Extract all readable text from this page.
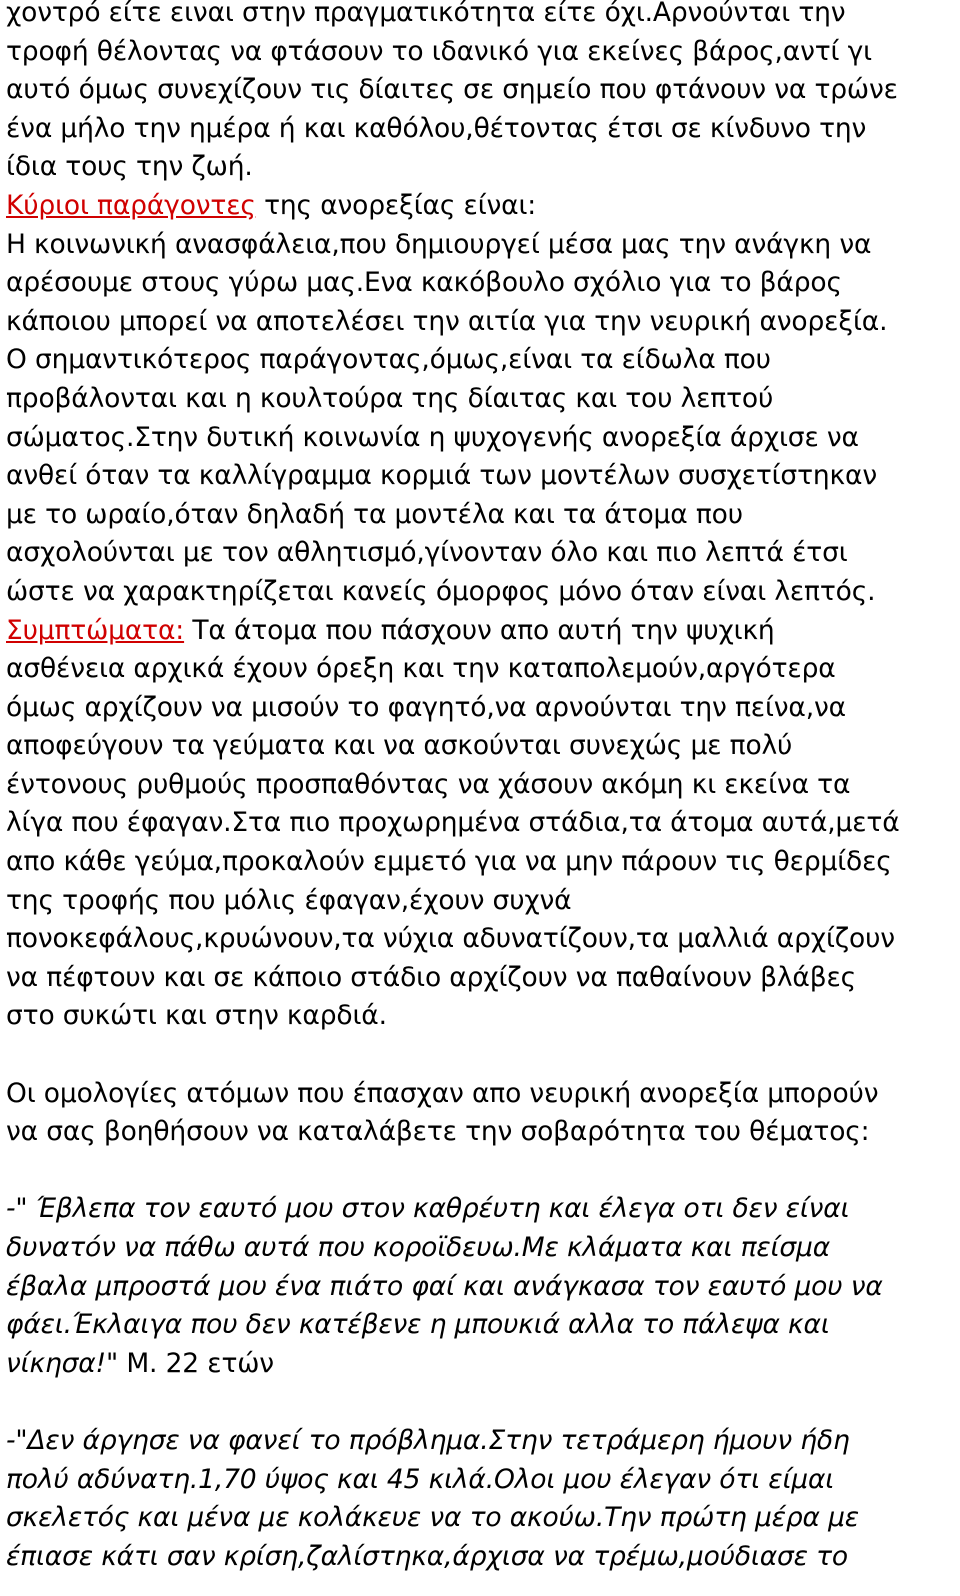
χοντρό είτε ειναι στην πραγματικότητα είτε όχι.Αρνούνται την
τροφή θέλοντας να φτάσουν το ιδανικό για εκείνες βάρος,αντί γι
αυτό όμως συνεχίζουν τις δίαιτες σε σημείο που φτάνουν να τρώνε
ένα μήλο την ημέρα ή και καθόλου,θέτοντας έτσι σε κίνδυνο την
ίδια τους την ζωή.

Κύριοι παράγοντες της ανορεξίας είναι:
Η κοινωνική ανασφάλεια,που δημιουργεί μέσα μας την ανάγκη να
αρέσουμε στους γύρω μας.Ενα κακόβουλο σχόλιο για το βάρος
κάποιου μπορεί να αποτελέσει την αιτία για την νευρική ανορεξία.
Ο σημαντικότερος παράγοντας,όμως,είναι τα είδωλα που
προβάλονται και η κουλτούρα της δίαιτας και του λεπτού
σώματος.Στην δυτική κοινωνία η ψυχογενής ανορεξία άρχισε να
ανθεί όταν τα καλλίγραμμα κορμιά των μοντέλων συσχετίστηκαν
με το ωραίο,όταν δηλαδή τα μοντέλα και τα άτομα που
ασχολούνται με τον αθλητισμό,γίνονταν όλο και πιο λεπτά έτσι
ώστε να χαρακτηρίζεται κανείς όμορφος μόνο όταν είναι λεπτός.

Συμπτώματα: Τα άτομα που πάσχουν απο αυτή την ψυχική
ασθένεια αρχικά έχουν όρεξη και την καταπολεμούν,αργότερα
όμως αρχίζουν να μισούν το φαγητό,να αρνούνται την πείνα,να
αποφεύγουν τα γεύματα και να ασκούνται συνεχώς με πολύ
έντονους ρυθμούς προσπαθόντας να χάσουν ακόμη κι εκείνα τα
λίγα που έφαγαν.Στα πιο προχωρημένα στάδια,τα άτομα αυτά,μετά
απο κάθε γεύμα,προκαλούν εμμετό για να μην πάρουν τις θερμίδες
της τροφής που μόλις έφαγαν,έχουν συχνά
πονοκεφάλους,κρυώνουν,τα νύχια αδυνατίζουν,τα μαλλιά αρχίζουν
να πέφτουν και σε κάποιο στάδιο αρχίζουν να παθαίνουν βλάβες
στο συκώτι και στην καρδιά.

Οι ομολογίες ατόμων που έπασχαν απο νευρική ανορεξία μπορούν
να σας βοηθήσουν να καταλάβετε την σοβαρότητα του θέματος:

-" Έβλεπα τον εαυτό μου στον καθρέυτη και έλεγα οτι δεν είναι
δυνατόν να πάθω αυτά που κοροϊδευω.Με κλάματα και πείσμα
έβαλα μπροστά μου ένα πιάτο φαί και ανάγκασα τον εαυτό μου να
φάει.Έκλαιγα που δεν κατέβενε η μπουκιά αλλα το πάλεψα και
νίκησα!" Μ. 22 ετών

-"Δεν άργησε να φανεί το πρόβλημα.Στην τετράμερη ήμουν ήδη
πολύ αδύνατη.1,70 ύψος και 45 κιλά.Ολοι μου έλεγαν ότι είμαι
σκελετός και μένα με κολάκευε να το ακούω.Την πρώτη μέρα με
έπιασε κάτι σαν κρίση,ζαλίστηκα,άρχισα να τρέμω,μούδιασε το
